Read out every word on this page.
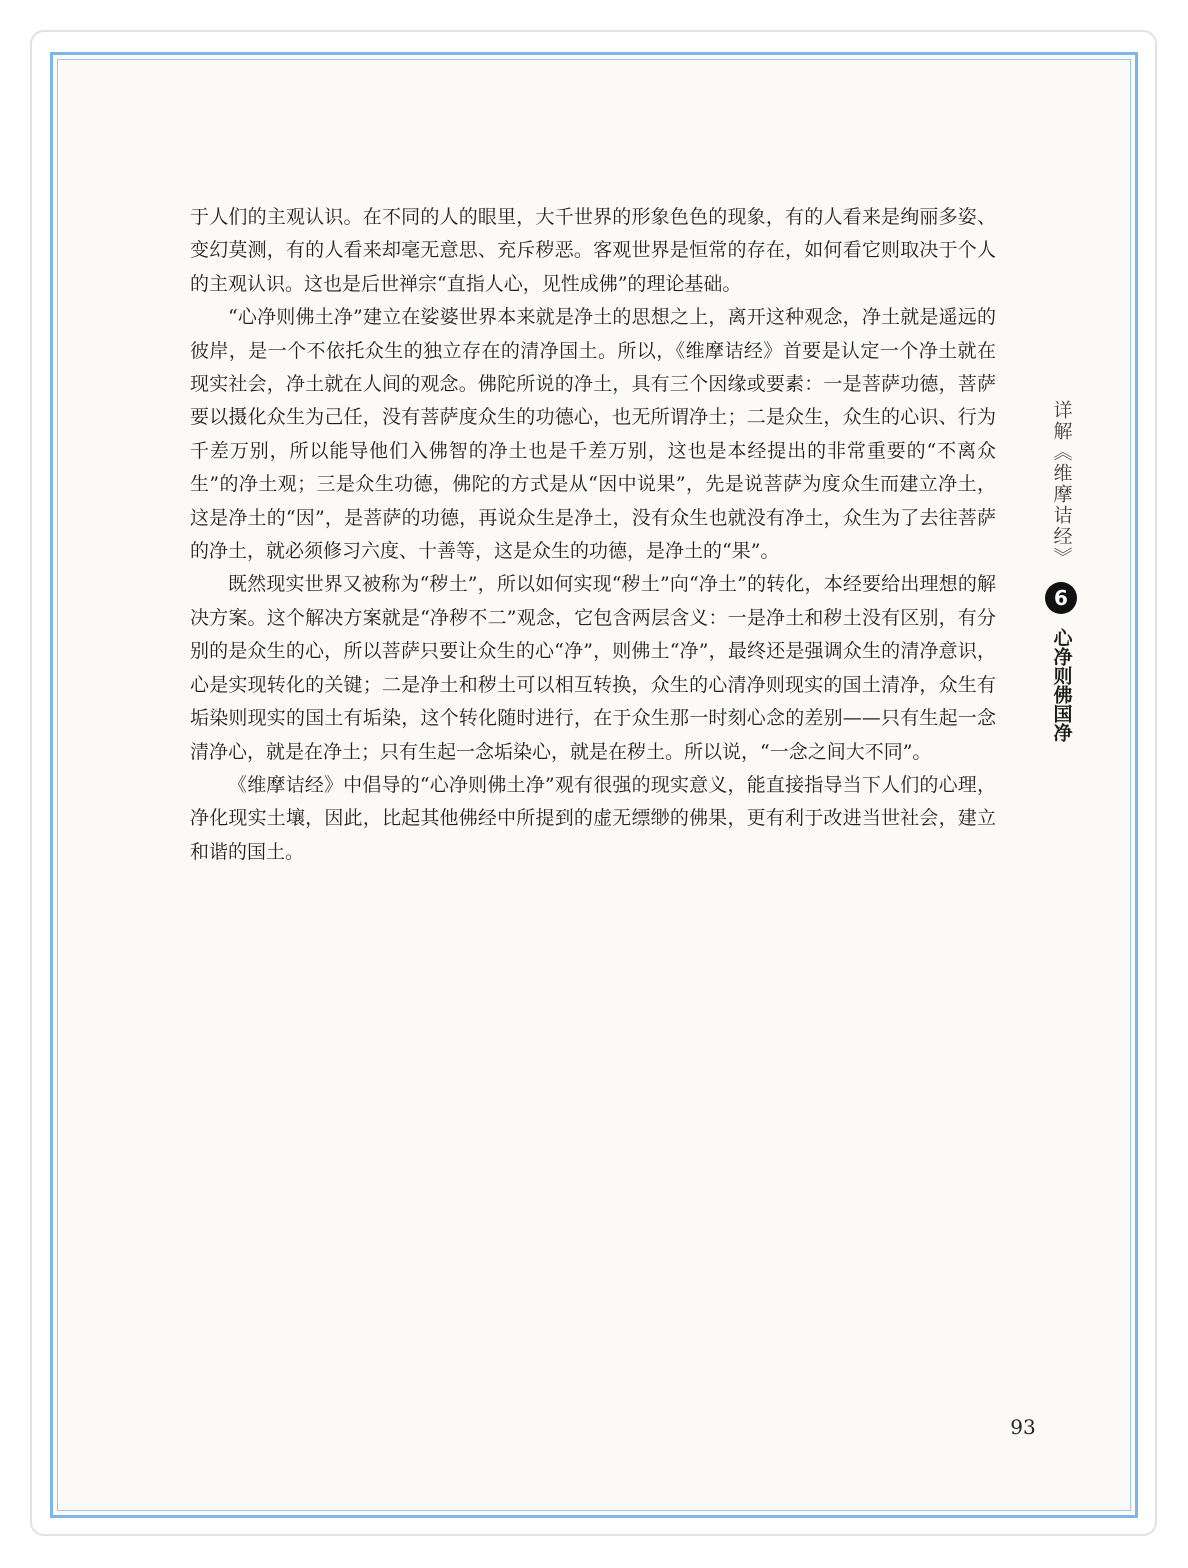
于人们的主观认识。在不同的人的眼里，大千世界的形象色色的现象，有的人看来是绚丽多姿、变幻莫测，有的人看来却毫无意思、充斥秽恶。客观世界是恒常的存在，如何看它则取决于个人的主观认识。这也是后世禅宗“直指人心，见性成佛”的理论基础。

“心净则佛土净”建立在娑婆世界本来就是净土的思想之上，离开这种观念，净土就是遥远的彼岸，是一个不依托众生的独立存在的清净国土。所以，《维摩诘经》首要是认定一个净土就在现实社会，净土就在人间的观念。佛陀所说的净土，具有三个因缘或要素：一是菩萨功德，菩萨要以摄化众生为己任，没有菩萨度众生的功德心，也无所谓净土；二是众生，众生的心识、行为千差万别，所以能导他们入佛智的净土也是千差万别，这也是本经提出的非常重要的“不离众生”的净土观；三是众生功德，佛陀的方式是从“因中说果”，先是说菩萨为度众生而建立净土，这是净土的“因”，是菩萨的功德，再说众生是净土，没有众生也就没有净土，众生为了去往菩萨的净土，就必须修习六度、十善等，这是众生的功德，是净土的“果”。

既然现实世界又被称为“秽土”，所以如何实现“秽土”向“净土”的转化，本经要给出理想的解决方案。这个解决方案就是“净秽不二”观念，它包含两层含义：一是净土和秽土没有区别，有分别的是众生的心，所以菩萨只要让众生的心“净”，则佛土“净”，最终还是强调众生的清净意识，心是实现转化的关键；二是净土和秽土可以相互转换，众生的心清净则现实的国土清净，众生有垢染则现实的国土有垢染，这个转化随时进行，在于众生那一时刻心念的差别——只有生起一念清净心，就是在净土；只有生起一念垢染心，就是在秽土。所以说，“一念之间大不同”。

《维摩诘经》中倡导的“心净则佛土净”观有很强的现实意义，能直接指导当下人们的心理，净化现实土壤，因此，比起其他佛经中所提到的虚无缥缈的佛果，更有利于改进当世社会，建立和谐的国土。

详解《维摩诘经》
6
心净则佛国净
93
